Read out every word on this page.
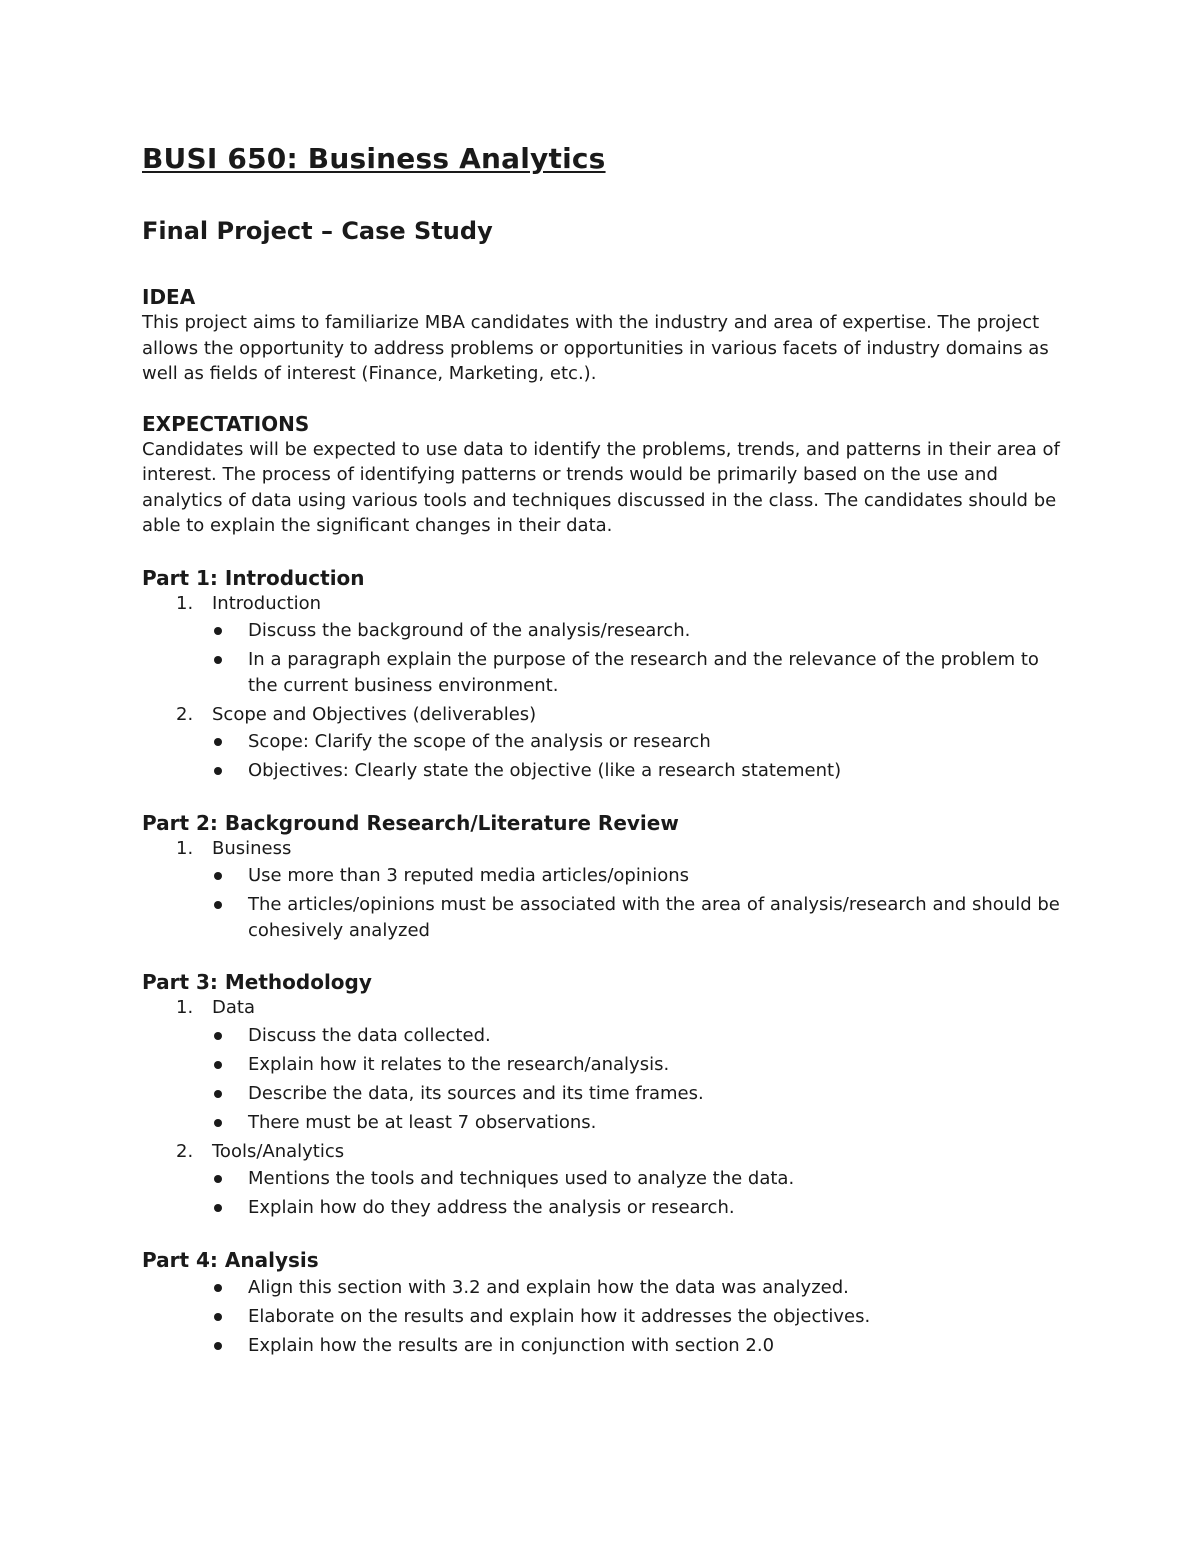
BUSI 650: Business Analytics
Final Project – Case Study
IDEA

This project aims to familiarize MBA candidates with the industry and area of expertise. The project allows the opportunity to address problems or opportunities in various facets of industry domains as well as fields of interest (Finance, Marketing, etc.).

EXPECTATIONS

Candidates will be expected to use data to identify the problems, trends, and patterns in their area of interest. The process of identifying patterns or trends would be primarily based on the use and analytics of data using various tools and techniques discussed in the class. The candidates should be able to explain the significant changes in their data.

Part 1: Introduction
1. Introduction
Discuss the background of the analysis/research.
In a paragraph explain the purpose of the research and the relevance of the problem to the current business environment.
2. Scope and Objectives (deliverables)
Scope: Clarify the scope of the analysis or research
Objectives: Clearly state the objective (like a research statement)
Part 2: Background Research/Literature Review
1. Business
Use more than 3 reputed media articles/opinions
The articles/opinions must be associated with the area of analysis/research and should be cohesively analyzed
Part 3: Methodology
1. Data
Discuss the data collected.
Explain how it relates to the research/analysis.
Describe the data, its sources and its time frames.
There must be at least 7 observations.
2. Tools/Analytics
Mentions the tools and techniques used to analyze the data.
Explain how do they address the analysis or research.
Part 4: Analysis
Align this section with 3.2 and explain how the data was analyzed.
Elaborate on the results and explain how it addresses the objectives.
Explain how the results are in conjunction with section 2.0
